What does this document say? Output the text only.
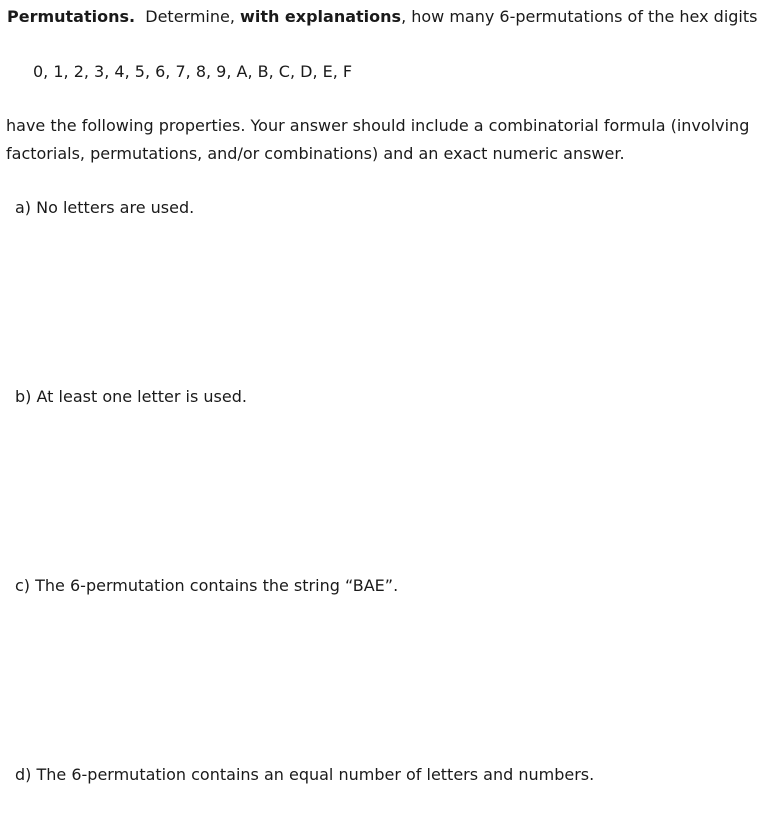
Permutations. Determine, with explanations, how many 6-permutations of the hex digits
0, 1, 2, 3, 4, 5, 6, 7, 8, 9, A, B, C, D, E, F
have the following properties. Your answer should include a combinatorial formula (involving
factorials, permutations, and/or combinations) and an exact numeric answer.
a) No letters are used.
b) At least one letter is used.
c) The 6-permutation contains the string “BAE”.
d) The 6-permutation contains an equal number of letters and numbers.
